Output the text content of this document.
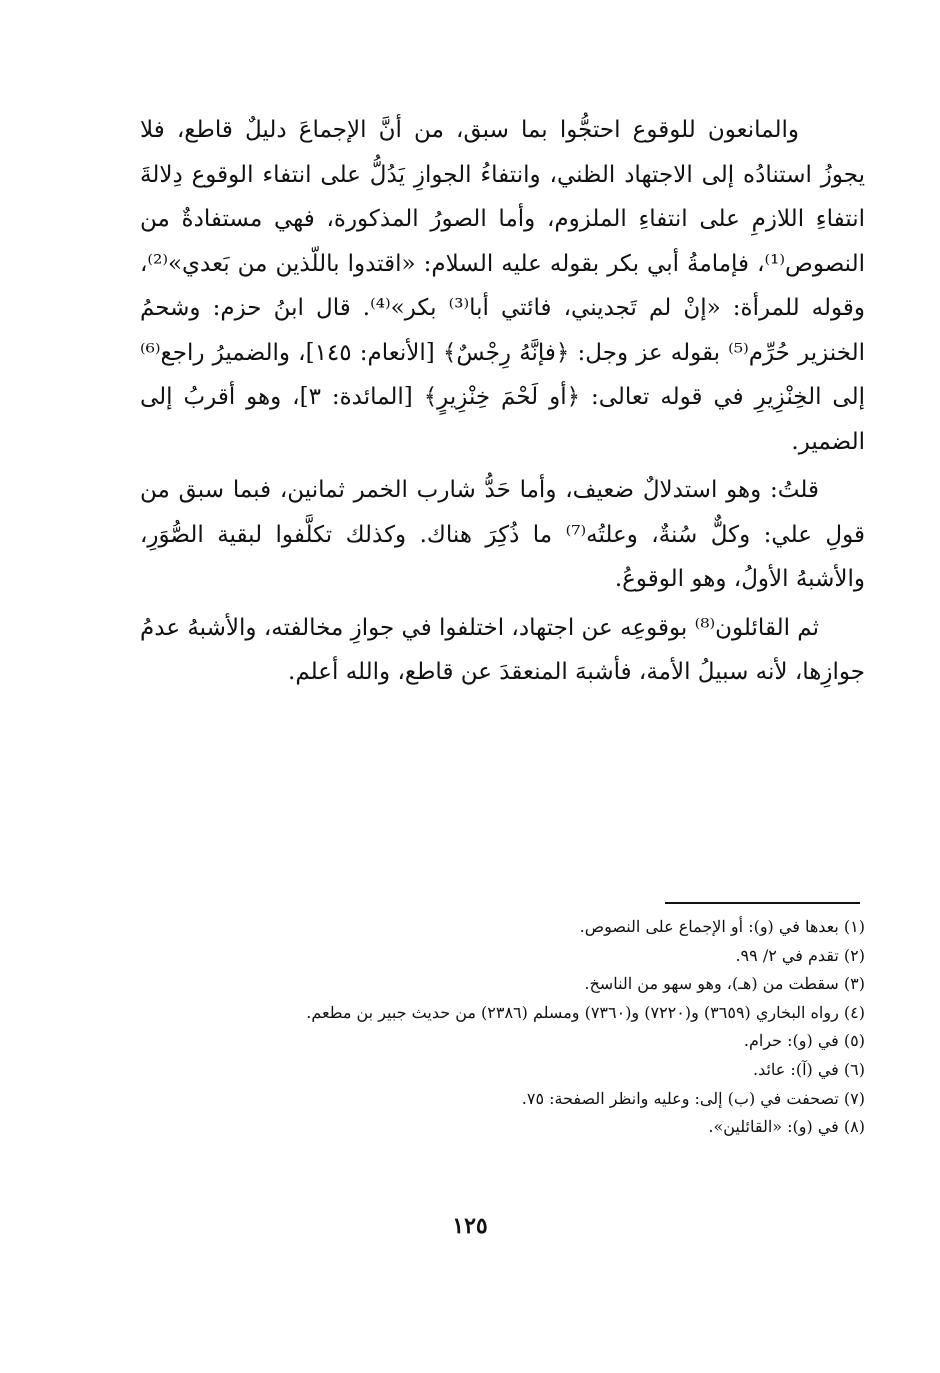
والمانعون للوقوع احتجُّوا بما سبق، من أنَّ الإجماعَ دليلٌ قاطع، فلا يجوزُ استنادُه إلى الاجتهاد الظني، وانتفاءُ الجوازِ يَدُلُّ على انتفاء الوقوع دِلالةَ انتفاءِ اللازمِ على انتفاءِ الملزوم، وأما الصورُ المذكورة، فهي مستفادةٌ من النصوص⁽¹⁾، فإمامةُ أبي بكر بقوله عليه السلام: «اقتدوا باللّذين من بَعدي»⁽²⁾، وقوله للمرأة: «إنْ لم تَجديني، فائتي أبا⁽³⁾ بكر»⁽⁴⁾. قال ابنُ حزم: وشحمُ الخنزير حُرِّم⁽⁵⁾ بقوله عز وجل: ﴿فإنَّهُ رِجْسٌ﴾ [الأنعام: ١٤٥]، والضميرُ راجع⁽⁶⁾ إلى الخِنْزِيرِ في قوله تعالى: ﴿أو لَحْمَ خِنْزِيرٍ﴾ [المائدة: ٣]، وهو أقربُ إلى الضمير.

قلتُ: وهو استدلالٌ ضعيف، وأما حَدُّ شارب الخمر ثمانين، فبما سبق من قولِ علي: وكلٌّ سُنةٌ، وعلتُه⁽⁷⁾ ما ذُكِرَ هناك. وكذلك تكلَّفوا لبقية الصُّوَرِ، والأشبهُ الأولُ، وهو الوقوعُ.

ثم القائلون⁽⁸⁾ بوقوعِه عن اجتهاد، اختلفوا في جوازِ مخالفته، والأشبهُ عدمُ جوازِها، لأنه سبيلُ الأمة، فأشبهَ المنعقدَ عن قاطع، والله أعلم.

(١) بعدها في (و): أو الإجماع على النصوص.
(٢) تقدم في ٢/ ٩٩.
(٣) سقطت من (هـ)، وهو سهو من الناسخ.
(٤) رواه البخاري (٣٦٥٩) و(٧٢٢٠) و(٧٣٦٠) ومسلم (٢٣٨٦) من حديث جبير بن مطعم.
(٥) في (و): حرام.
(٦) في (آ): عائد.
(٧) تصحفت في (ب) إلى: وعليه وانظر الصفحة: ٧٥.
(٨) في (و): «القائلين».
١٢٥
